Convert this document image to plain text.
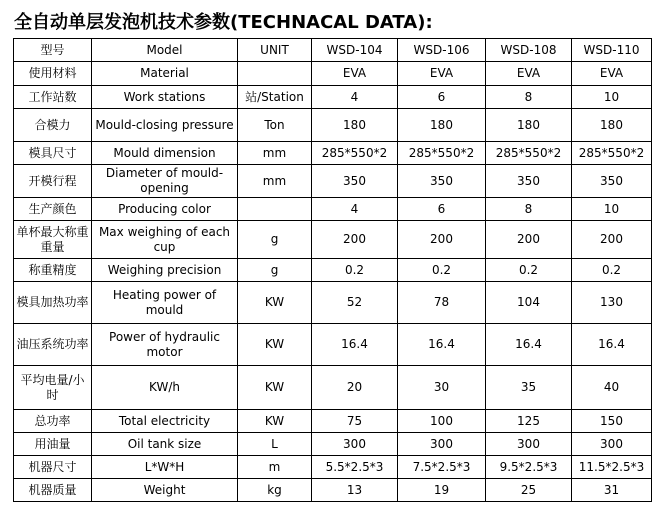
全自动单层发泡机技术参数(TECHNACAL DATA):
型号	Model	UNIT	WSD-104	WSD-106	WSD-108	WSD-110
使用材料	Material		EVA	EVA	EVA	EVA
工作站数	Work stations	站/Station	4	6	8	10
合模力	Mould-closing pressure	Ton	180	180	180	180
模具尺寸	Mould dimension	mm	285*550*2	285*550*2	285*550*2	285*550*2
开模行程	Diameter of mould-opening	mm	350	350	350	350
生产颜色	Producing color		4	6	8	10
单杯最大称重重量	Max weighing of each cup	g	200	200	200	200
称重精度	Weighing precision	g	0.2	0.2	0.2	0.2
模具加热功率	Heating power of mould	KW	52	78	104	130
油压系统功率	Power of hydraulic motor	KW	16.4	16.4	16.4	16.4
平均电量/小时	KW/h	KW	20	30	35	40
总功率	Total electricity	KW	75	100	125	150
用油量	Oil tank size	L	300	300	300	300
机器尺寸	L*W*H	m	5.5*2.5*3	7.5*2.5*3	9.5*2.5*3	11.5*2.5*3
机器质量	Weight	kg	13	19	25	31
